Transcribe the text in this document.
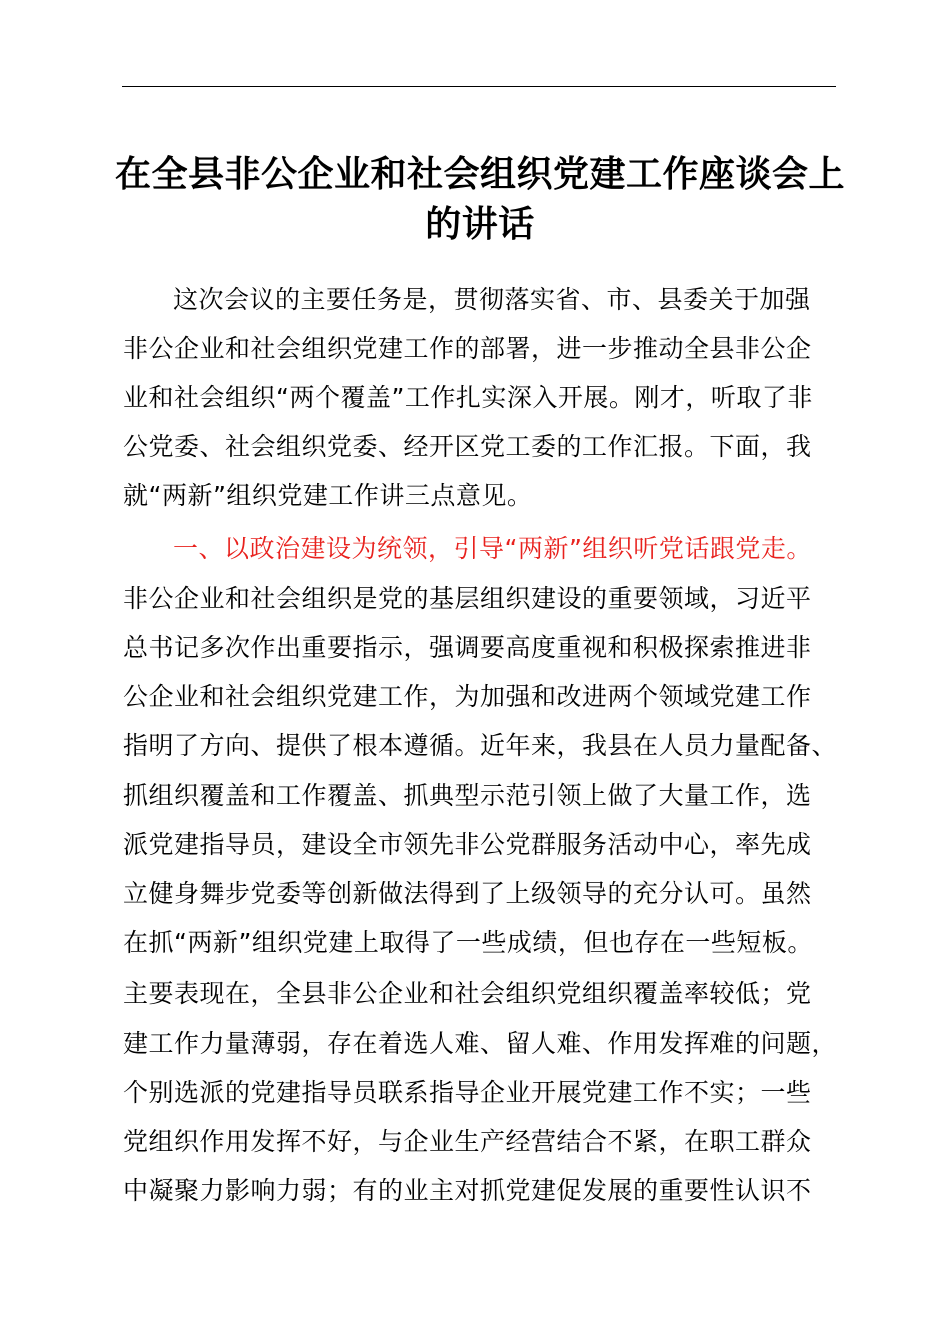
在全县非公企业和社会组织党建工作座谈会上
的讲话
这次会议的主要任务是，贯彻落实省、市、县委关于加强
非公企业和社会组织党建工作的部署，进一步推动全县非公企
业和社会组织“两个覆盖”工作扎实深入开展。刚才，听取了非
公党委、社会组织党委、经开区党工委的工作汇报。下面，我
就“两新”组织党建工作讲三点意见。
一、以政治建设为统领，引导“两新”组织听党话跟党走。
非公企业和社会组织是党的基层组织建设的重要领域，习近平
总书记多次作出重要指示，强调要高度重视和积极探索推进非
公企业和社会组织党建工作，为加强和改进两个领域党建工作
指明了方向、提供了根本遵循。近年来，我县在人员力量配备、
抓组织覆盖和工作覆盖、抓典型示范引领上做了大量工作，选
派党建指导员，建设全市领先非公党群服务活动中心，率先成
立健身舞步党委等创新做法得到了上级领导的充分认可。虽然
在抓“两新”组织党建上取得了一些成绩，但也存在一些短板。
主要表现在，全县非公企业和社会组织党组织覆盖率较低；党
建工作力量薄弱，存在着选人难、留人难、作用发挥难的问题，
个别选派的党建指导员联系指导企业开展党建工作不实；一些
党组织作用发挥不好，与企业生产经营结合不紧，在职工群众
中凝聚力影响力弱；有的业主对抓党建促发展的重要性认识不
